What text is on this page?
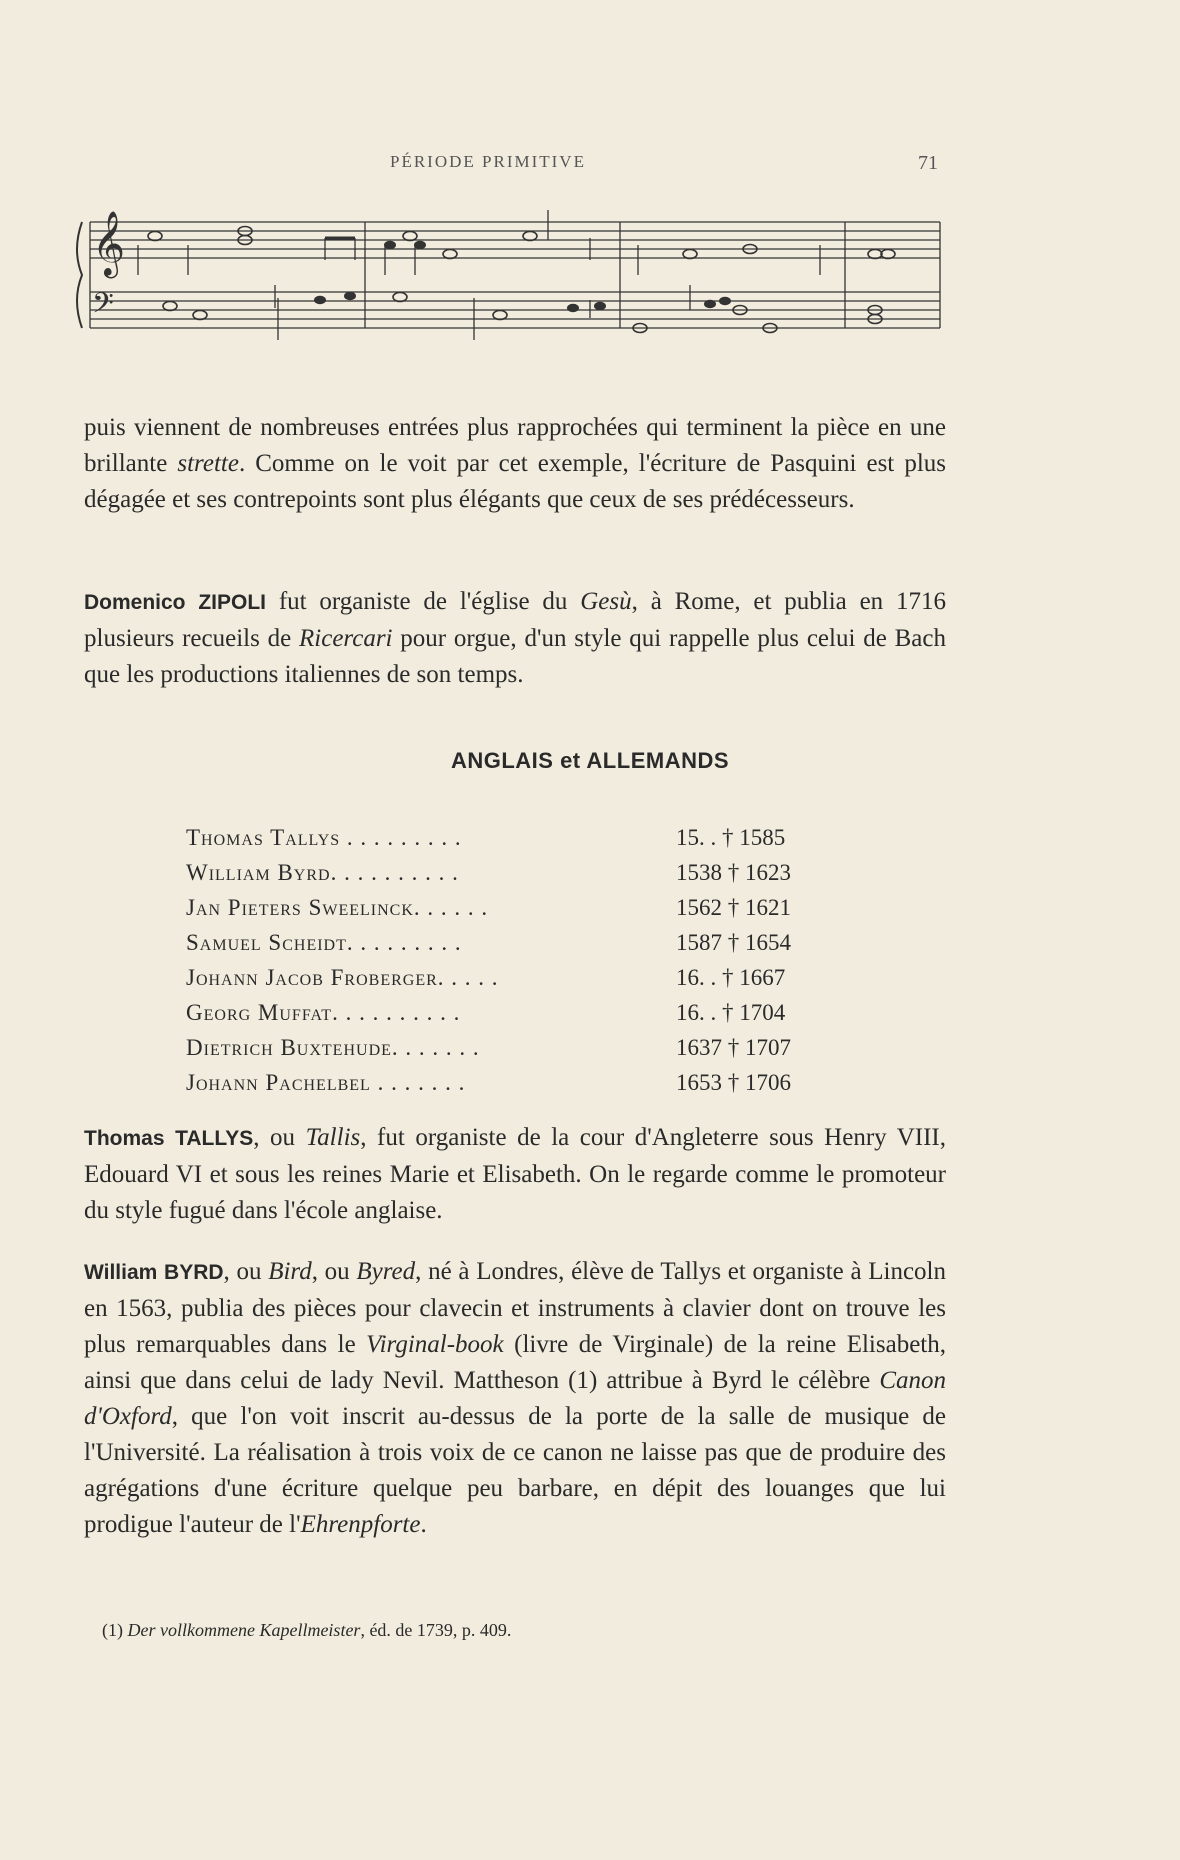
PÉRIODE PRIMITIVE	71
𝄞
𝄢

puis viennent de nombreuses entrées plus rapprochées qui terminent la pièce en une brillante strette. Comme on le voit par cet exemple, l'écriture de Pasquini est plus dégagée et ses contrepoints sont plus élégants que ceux de ses prédécesseurs.

Domenico ZIPOLI fut organiste de l'église du Gesù, à Rome, et publia en 1716 plusieurs recueils de Ricercari pour orgue, d'un style qui rappelle plus celui de Bach que les productions italiennes de son temps.

ANGLAIS et ALLEMANDS
Thomas Tallys . . . . . . . . .	15. . † 1585
William Byrd. . . . . . . . . .	1538 † 1623
Jan Pieters Sweelinck. . . . . .	1562 † 1621
Samuel Scheidt. . . . . . . . .	1587 † 1654
Johann Jacob Froberger. . . . .	16. . † 1667
Georg Muffat. . . . . . . . . .	16. . † 1704
Dietrich Buxtehude. . . . . . .	1637 † 1707
Johann Pachelbel . . . . . . .	1653 † 1706

Thomas TALLYS, ou Tallis, fut organiste de la cour d'Angleterre sous Henry VIII, Edouard VI et sous les reines Marie et Elisabeth. On le regarde comme le promoteur du style fugué dans l'école anglaise.

William BYRD, ou Bird, ou Byred, né à Londres, élève de Tallys et organiste à Lincoln en 1563, publia des pièces pour clavecin et instruments à clavier dont on trouve les plus remarquables dans le Virginal-book (livre de Virginale) de la reine Elisabeth, ainsi que dans celui de lady Nevil. Mattheson (1) attribue à Byrd le célèbre Canon d'Oxford, que l'on voit inscrit au-dessus de la porte de la salle de musique de l'Université. La réalisation à trois voix de ce canon ne laisse pas que de produire des agrégations d'une écriture quelque peu barbare, en dépit des louanges que lui prodigue l'auteur de l'Ehrenpforte.

(1) Der vollkommene Kapellmeister, éd. de 1739, p. 409.
